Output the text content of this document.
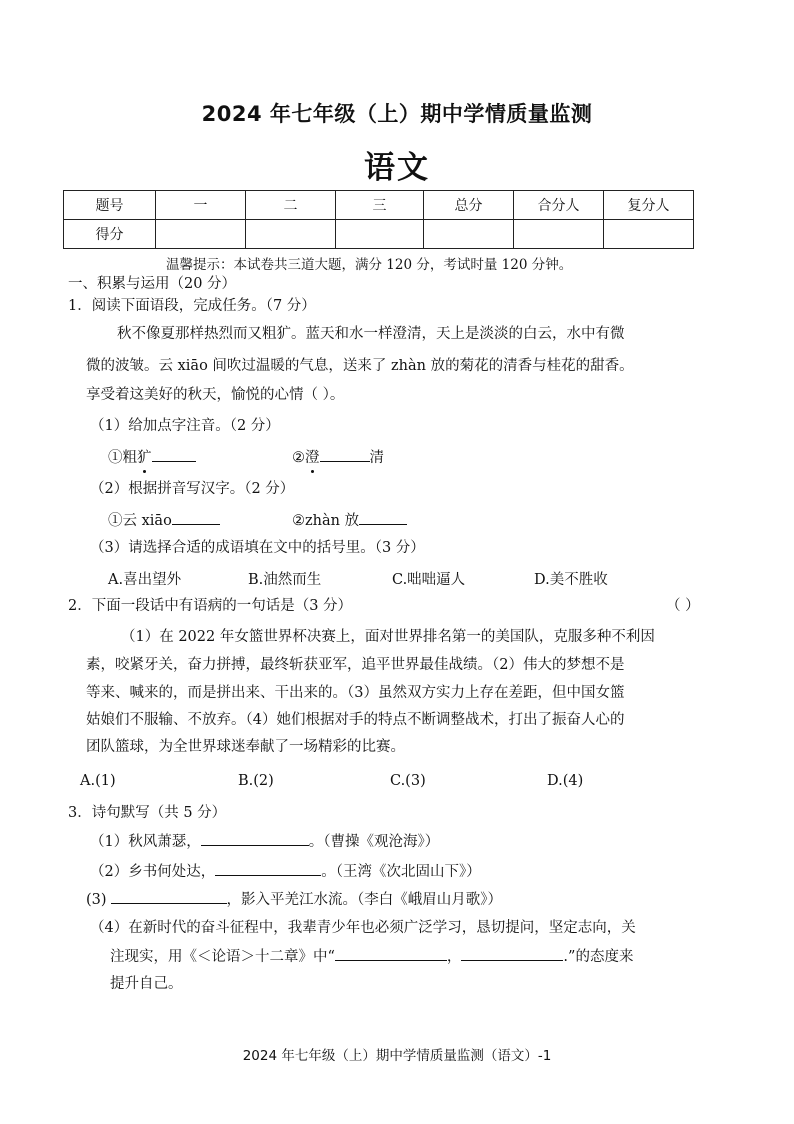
2024 年七年级（上）期中学情质量监测
语文
题号	一	二	三	总分	合分人	复分人
得分						
温馨提示：本试卷共三道大题，满分 120 分，考试时量 120 分钟。
一、积累与运用（20 分）
1．阅读下面语段，完成任务。（7 分）
秋不像夏那样热烈而又粗犷。蓝天和水一样澄清，天上是淡淡的白云，水中有微
微的波皱。云 xiāo 间吹过温暖的气息，送来了 zhàn 放的菊花的清香与桂花的甜香。
享受着这美好的秋天，愉悦的心情（ ）。
（1）给加点字注音。（2 分）
①粗犷	②澄	清
（2）根据拼音写汉字。（2 分）
①云 xiāo	②zhàn 放
（3）请选择合适的成语填在文中的括号里。（3 分）
A.喜出望外	B.油然而生	C.咄咄逼人	D.美不胜收
2．下面一段话中有语病的一句话是（3 分）	（ ）
（1）在 2022 年女篮世界杯决赛上，面对世界排名第一的美国队，克服多种不利因
素，咬紧牙关，奋力拼搏，最终斩获亚军，追平世界最佳战绩。（2）伟大的梦想不是
等来、喊来的，而是拼出来、干出来的。（3）虽然双方实力上存在差距，但中国女篮
姑娘们不服输、不放弃。（4）她们根据对手的特点不断调整战术，打出了振奋人心的
团队篮球，为全世界球迷奉献了一场精彩的比赛。
A.(1)	B.(2)	C.(3)	D.(4)
3．诗句默写（共 5 分）
（1）秋风萧瑟，	。（曹操《观沧海》）
（2）乡书何处达，	。（王湾《次北固山下》）
(3)	，影入平羌江水流。（李白《峨眉山月歌》）
（4）在新时代的奋斗征程中，我辈青少年也必须广泛学习，恳切提问，坚定志向，关
注现实，用《＜论语＞十二章》中“	，	.”的态度来
提升自己。
2024 年七年级（上）期中学情质量监测（语文）-1
